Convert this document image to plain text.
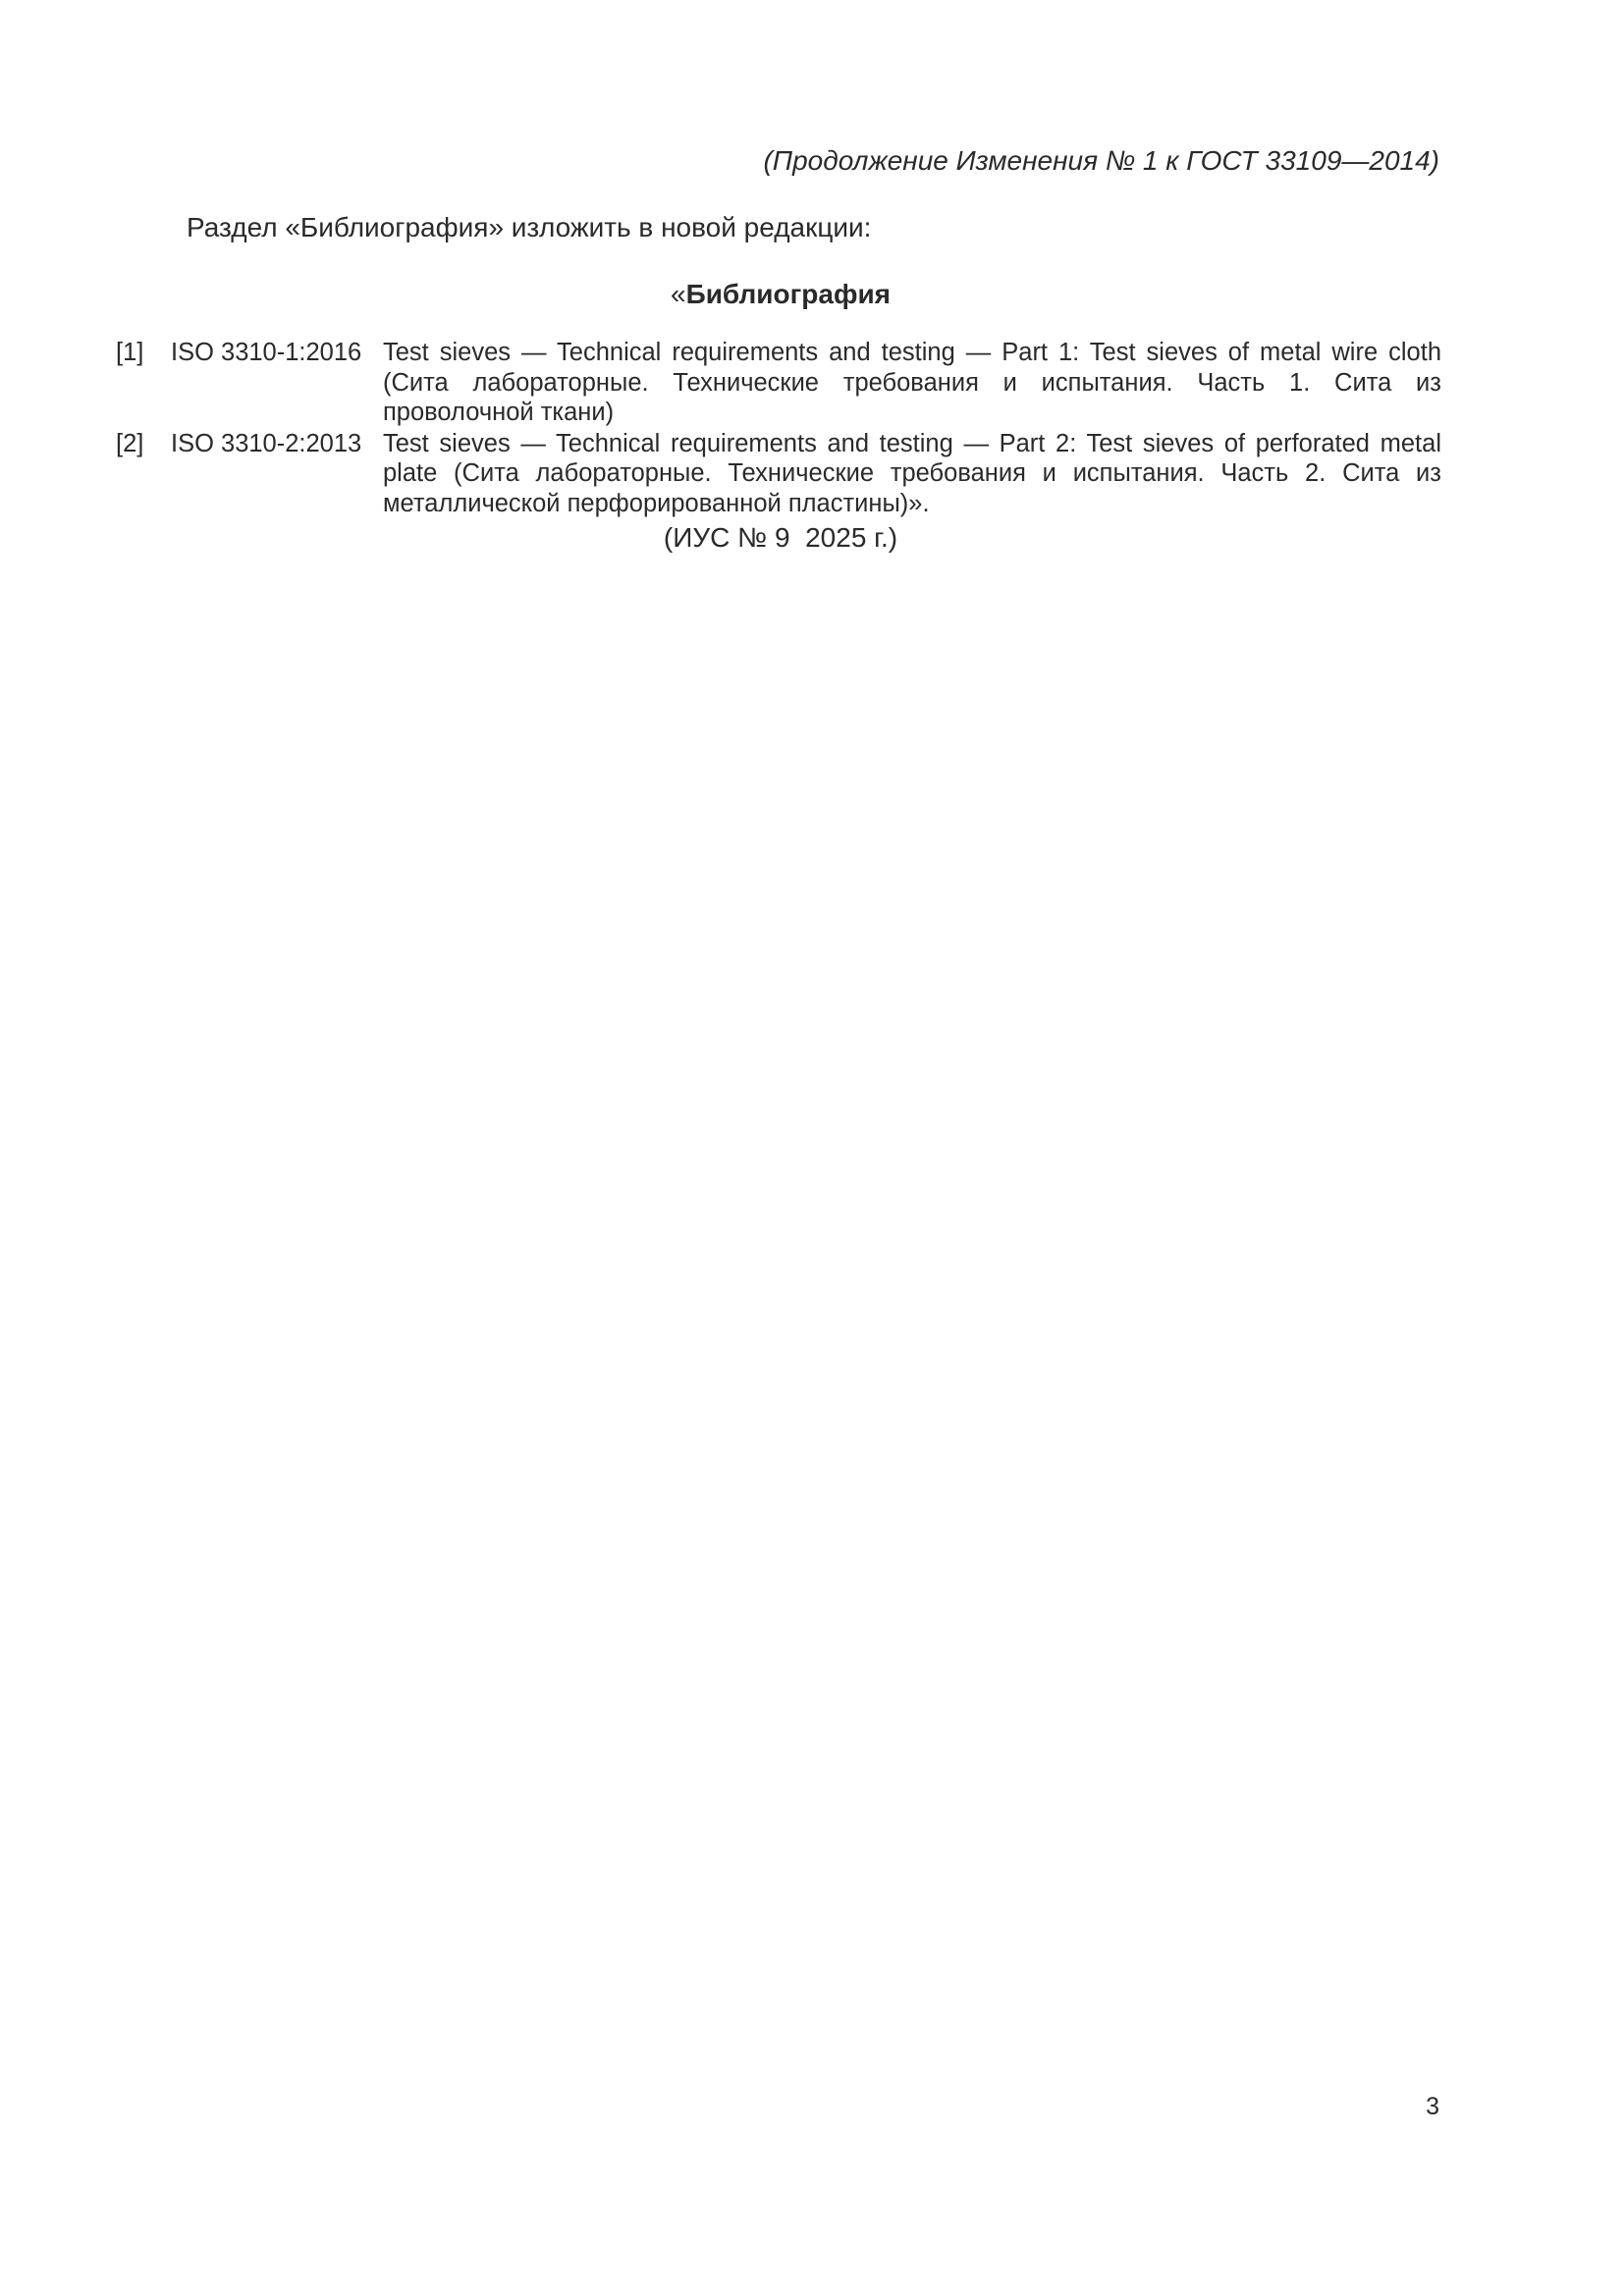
(Продолжение Изменения № 1 к ГОСТ 33109—2014)
Раздел «Библиография» изложить в новой редакции:
«Библиография
[1]	ISO 3310-1:2016 Test sieves — Technical requirements and testing — Part 1: Test sieves of metal wire cloth (Сита лабораторные. Технические требования и испытания. Часть 1. Сита из проволочной ткани)
[2]	ISO 3310-2:2013 Test sieves — Technical requirements and testing — Part 2: Test sieves of perforated metal plate (Сита лабораторные. Технические требования и испытания. Часть 2. Сита из металлической перфорированной пластины)».
(ИУС № 9  2025 г.)
3
